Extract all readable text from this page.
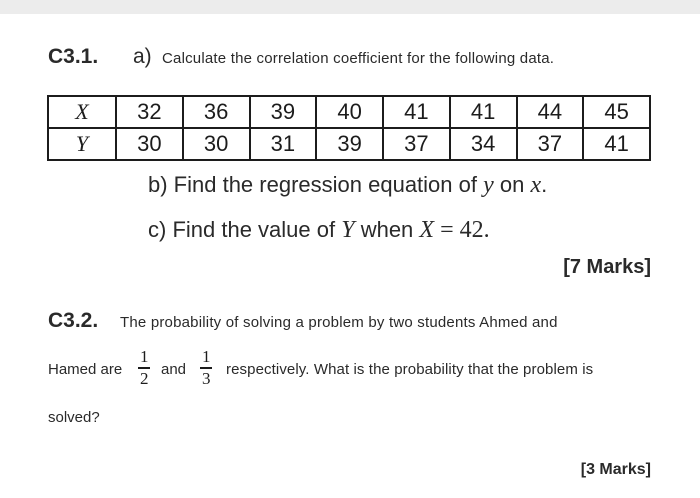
C3.1. a) Calculate the correlation coefficient for the following data.
X	32	36	39	40	41	41	44	45
Y	30	30	31	39	37	34	37	41
b) Find the regression equation of y on x.
c) Find the value of Y when X = 42.
[7 Marks]
C3.2. The probability of solving a problem by two students Ahmed and
Hamed are
1
2 and
1
3 respectively. What is the probability that the problem is
solved?
[3 Marks]
